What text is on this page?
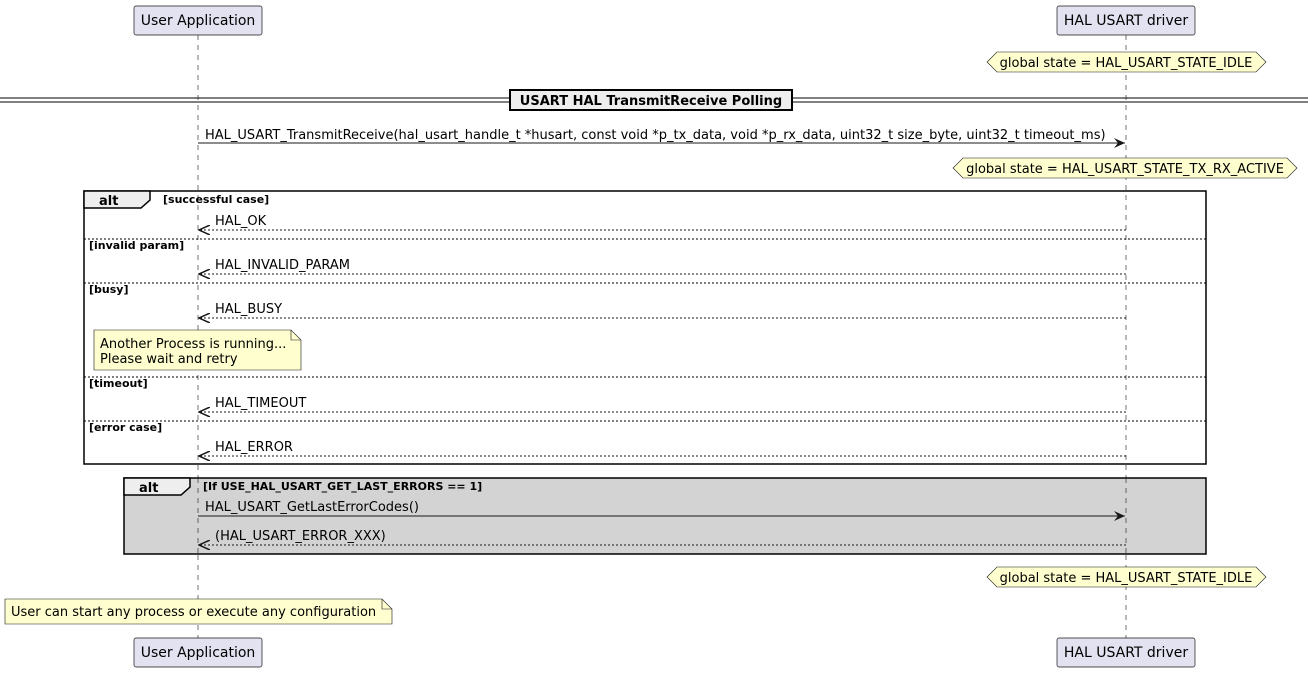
User Application	HAL USART driver
global state = HAL_USART_STATE_IDLE
USART HAL TransmitReceive Polling
HAL_USART_TransmitReceive(hal_usart_handle_t *husart, const void *p_tx_data, void *p_rx_data, uint32_t size_byte, uint32_t timeout_ms)
global state = HAL_USART_STATE_TX_RX_ACTIVE
alt	[successful case]
HAL_OK
[invalid param]
HAL_INVALID_PARAM
[busy]
HAL_BUSY
Another Process is running...
Please wait and retry
[timeout]
HAL_TIMEOUT
[error case]
HAL_ERROR
alt	[If USE_HAL_USART_GET_LAST_ERRORS == 1]
HAL_USART_GetLastErrorCodes()
(HAL_USART_ERROR_XXX)
global state = HAL_USART_STATE_IDLE
User can start any process or execute any configuration
User Application	HAL USART driver
